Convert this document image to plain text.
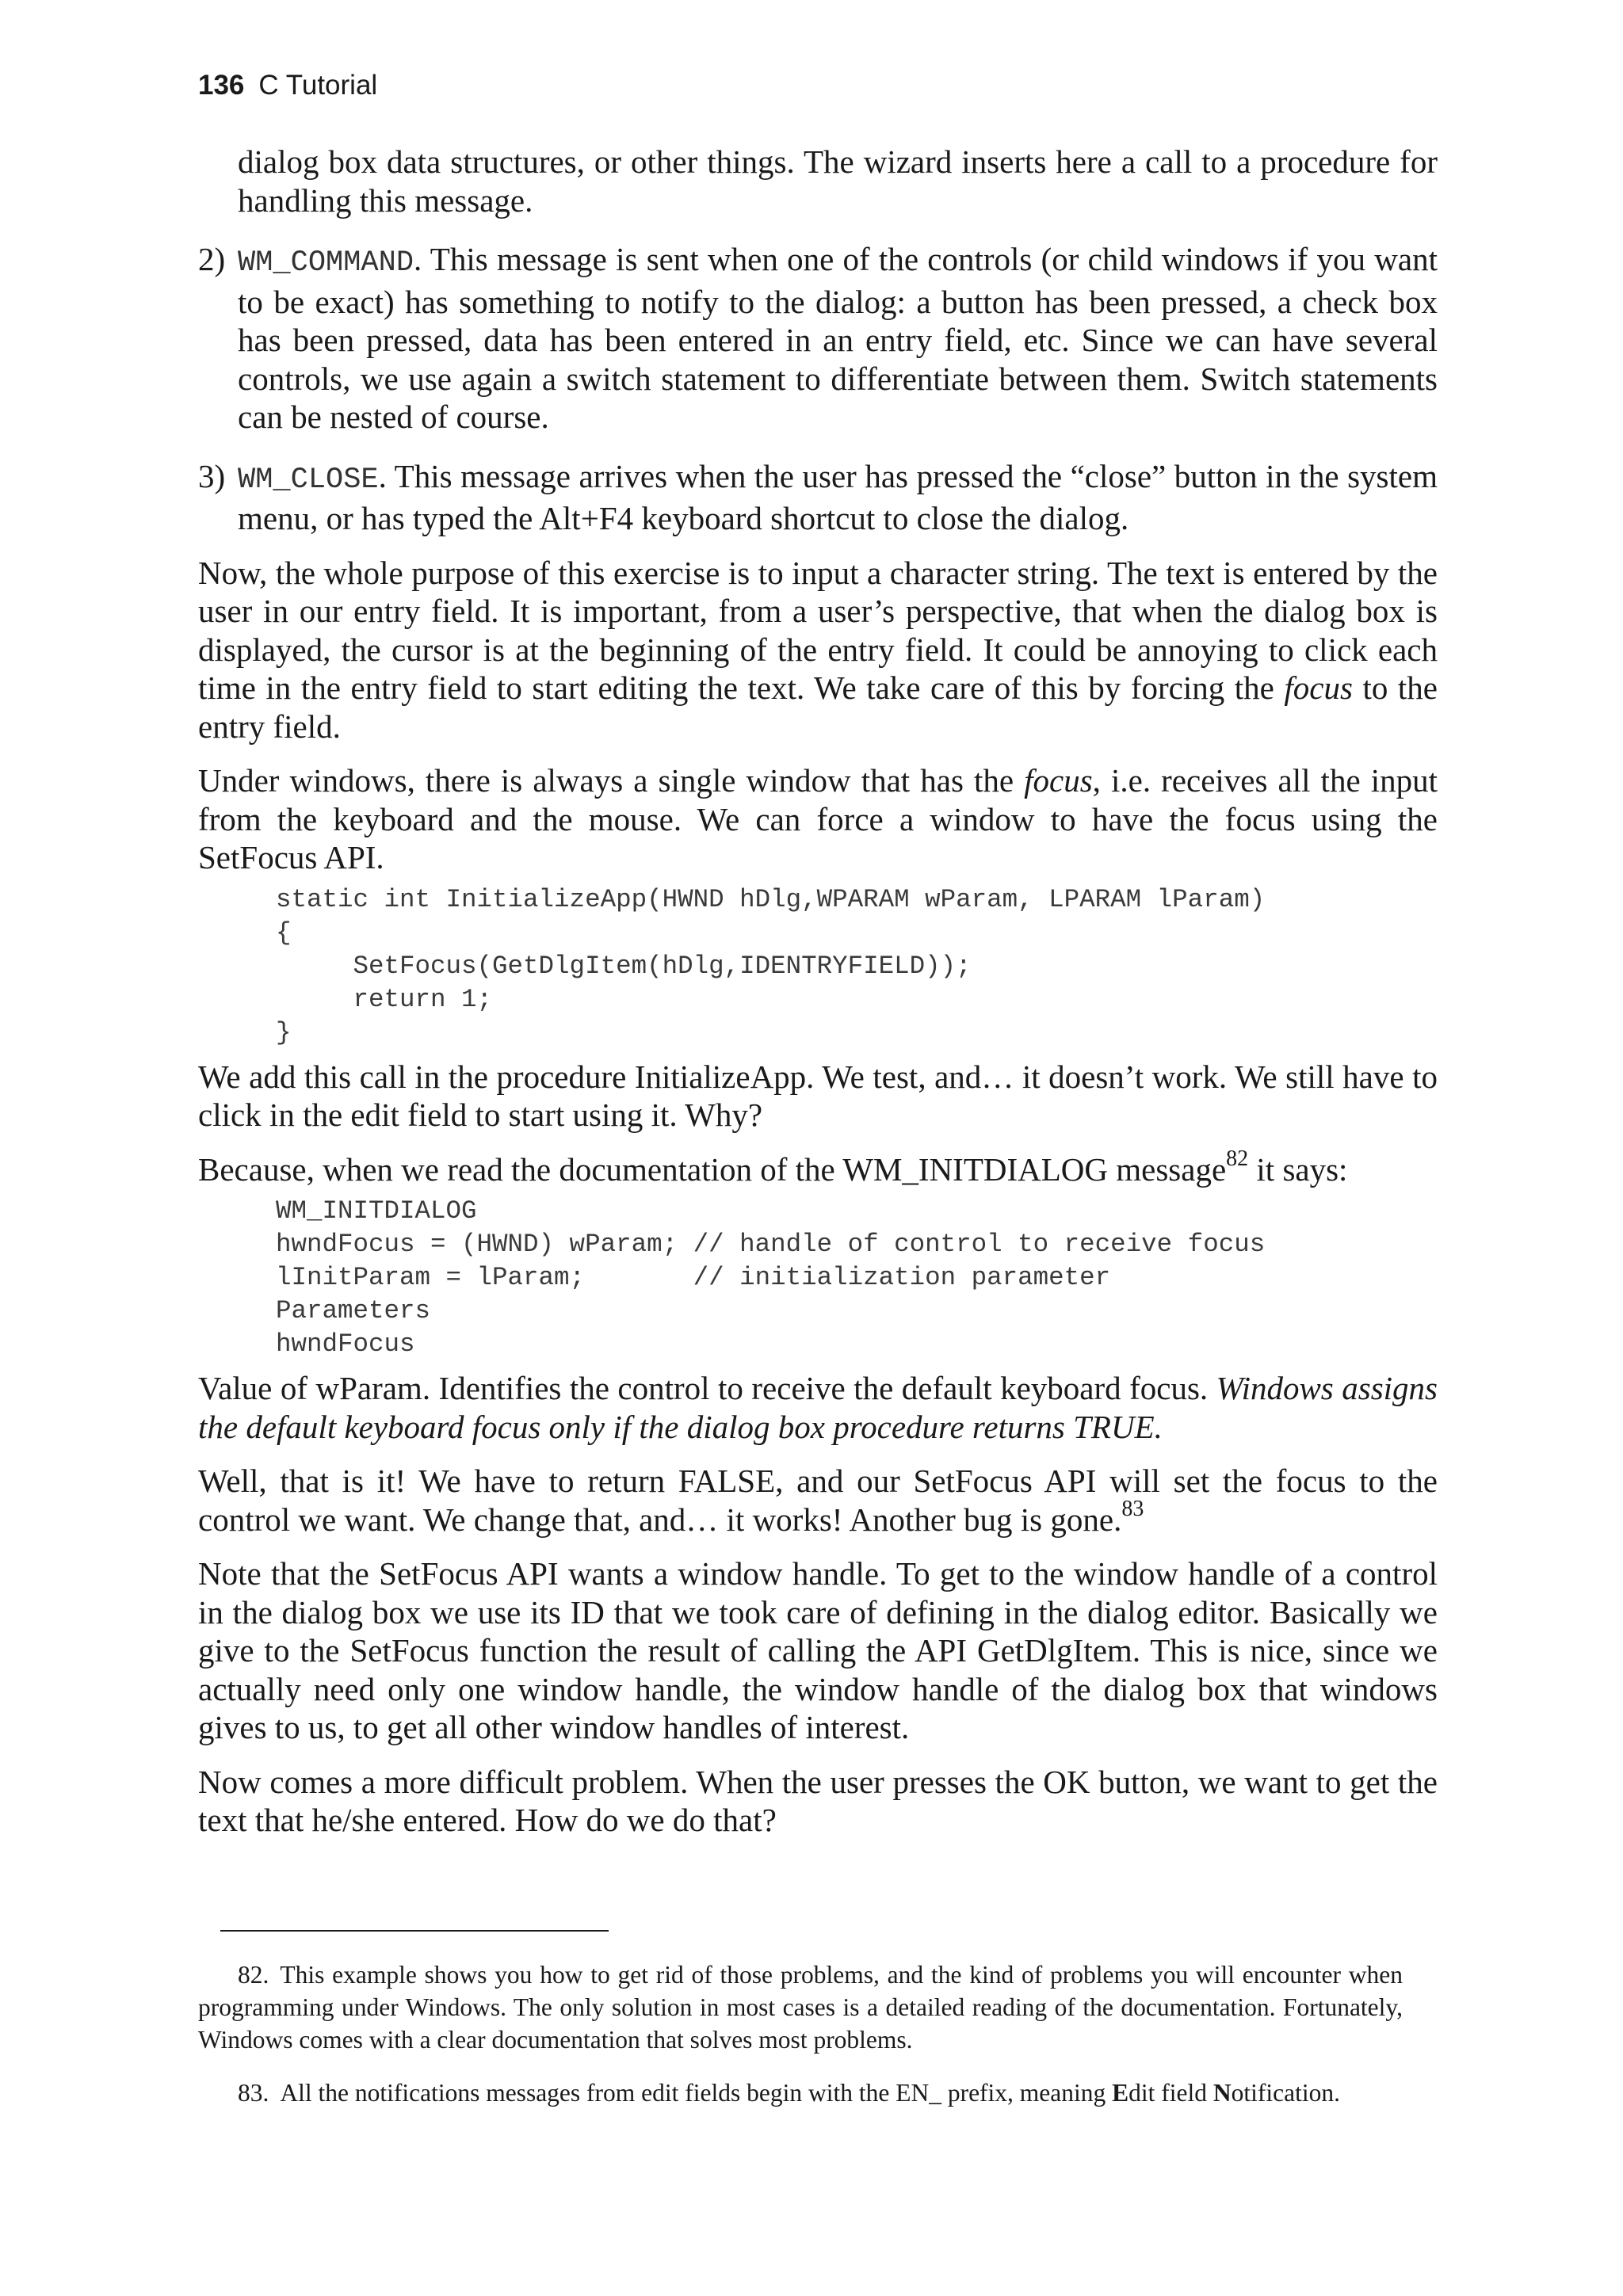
136 C Tutorial

dialog box data structures, or other things. The wizard inserts here a call to a procedure for handling this message.

2) WM_COMMAND. This message is sent when one of the controls (or child windows if you want to be exact) has something to notify to the dialog: a button has been pressed, a check box has been pressed, data has been entered in an entry field, etc. Since we can have several controls, we use again a switch statement to differentiate between them. Switch statements can be nested of course.

3) WM_CLOSE. This message arrives when the user has pressed the “close” button in the system menu, or has typed the Alt+F4 keyboard shortcut to close the dialog.

Now, the whole purpose of this exercise is to input a character string. The text is entered by the user in our entry field. It is important, from a user’s perspective, that when the dialog box is displayed, the cursor is at the beginning of the entry field. It could be annoying to click each time in the entry field to start editing the text. We take care of this by forcing the focus to the entry field.

Under windows, there is always a single window that has the focus, i.e. receives all the input from the keyboard and the mouse. We can force a window to have the focus using the SetFocus API.

static int InitializeApp(HWND hDlg,WPARAM wParam, LPARAM lParam)
{
SetFocus(GetDlgItem(hDlg,IDENTRYFIELD));
return 1;
}

We add this call in the procedure InitializeApp. We test, and… it doesn’t work. We still have to click in the edit field to start using it. Why?

Because, when we read the documentation of the WM_INITDIALOG message$^{82}$ it says:

WM_INITDIALOG
hwndFocus = (HWND) wParam; // handle of control to receive focus
lInitParam = lParam;       // initialization parameter
Parameters
hwndFocus

Value of wParam. Identifies the control to receive the default keyboard focus. Windows assigns the default keyboard focus only if the dialog box procedure returns TRUE.

Well, that is it! We have to return FALSE, and our SetFocus API will set the focus to the control we want. We change that, and… it works! Another bug is gone.$^{83}$

Note that the SetFocus API wants a window handle. To get to the window handle of a control in the dialog box we use its ID that we took care of defining in the dialog editor. Basically we give to the SetFocus function the result of calling the API GetDlgItem. This is nice, since we actually need only one window handle, the window handle of the dialog box that windows gives to us, to get all other window handles of interest.

Now comes a more difficult problem. When the user presses the OK button, we want to get the text that he/she entered. How do we do that?

82. This example shows you how to get rid of those problems, and the kind of problems you will encounter when programming under Windows. The only solution in most cases is a detailed reading of the documentation. Fortunately, Windows comes with a clear documentation that solves most problems.

83. All the notifications messages from edit fields begin with the EN_ prefix, meaning Edit field Notification.
